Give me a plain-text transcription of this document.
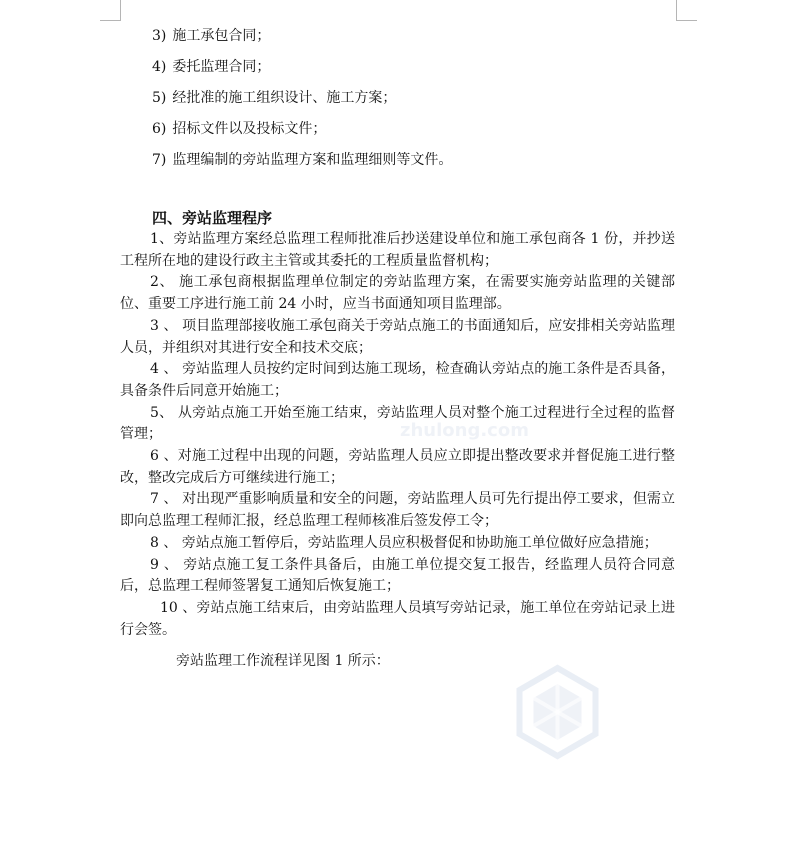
3) 施工承包合同；
4) 委托监理合同；
5) 经批准的施工组织设计、施工方案；
6) 招标文件以及投标文件；
7) 监理编制的旁站监理方案和监理细则等文件。
四、旁站监理程序

1、旁站监理方案经总监理工程师批准后抄送建设单位和施工承包商各 1 份，并抄送工程所在地的建设行政主主管或其委托的工程质量监督机构；

2、 施工承包商根据监理单位制定的旁站监理方案，在需要实施旁站监理的关键部位、重要工序进行施工前 24 小时，应当书面通知项目监理部。

3 、 项目监理部接收施工承包商关于旁站点施工的书面通知后，应安排相关旁站监理人员，并组织对其进行安全和技术交底；

4 、 旁站监理人员按约定时间到达施工现场，检查确认旁站点的施工条件是否具备，具备条件后同意开始施工；

5、 从旁站点施工开始至施工结束，旁站监理人员对整个施工过程进行全过程的监督管理；

6 、对施工过程中出现的问题，旁站监理人员应立即提出整改要求并督促施工进行整改，整改完成后方可继续进行施工；

7 、 对出现严重影响质量和安全的问题，旁站监理人员可先行提出停工要求，但需立即向总监理工程师汇报，经总监理工程师核准后签发停工令；

8 、 旁站点施工暂停后，旁站监理人员应积极督促和协助施工单位做好应急措施；

9 、 旁站点施工复工条件具备后，由施工单位提交复工报告，经监理人员符合同意后，总监理工程师签署复工通知后恢复施工；

10 、旁站点施工结束后，由旁站监理人员填写旁站记录，施工单位在旁站记录上进行会签。

旁站监理工作流程详见图 1 所示：
zhulong.com
